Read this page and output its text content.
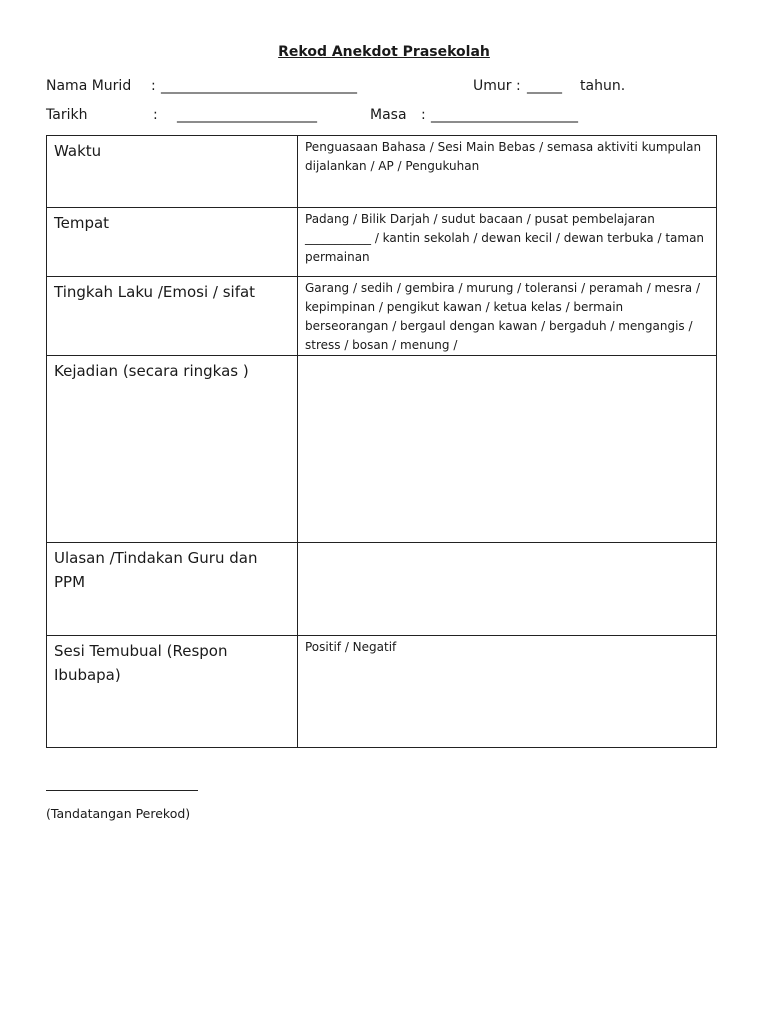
Rekod Anekdot Prasekolah
Nama Murid : ____________________________	Umur : _____ tahun.
Tarikh	: ____________________	Masa : _____________________
Waktu	Penguasaan Bahasa / Sesi Main Bebas / semasa aktiviti kumpulan dijalankan / AP / Pengukuhan

Tempat	Padang / Bilik Darjah / sudut bacaan / pusat pembelajaran ___________ / kantin sekolah / dewan kecil / dewan terbuka / taman permainan

Tingkah Laku /Emosi / sifat	Garang / sedih / gembira / murung / toleransi / peramah / mesra / kepimpinan / pengikut kawan / ketua kelas / bermain berseorangan / bergaul dengan kawan / bergaduh / mengangis / stress / bosan / menung /

Kejadian (secara ringkas )	

Ulasan /Tindakan Guru dan PPM	

Sesi Temubual (Respon Ibubapa)	Positif / Negatif
(Tandatangan Perekod)
